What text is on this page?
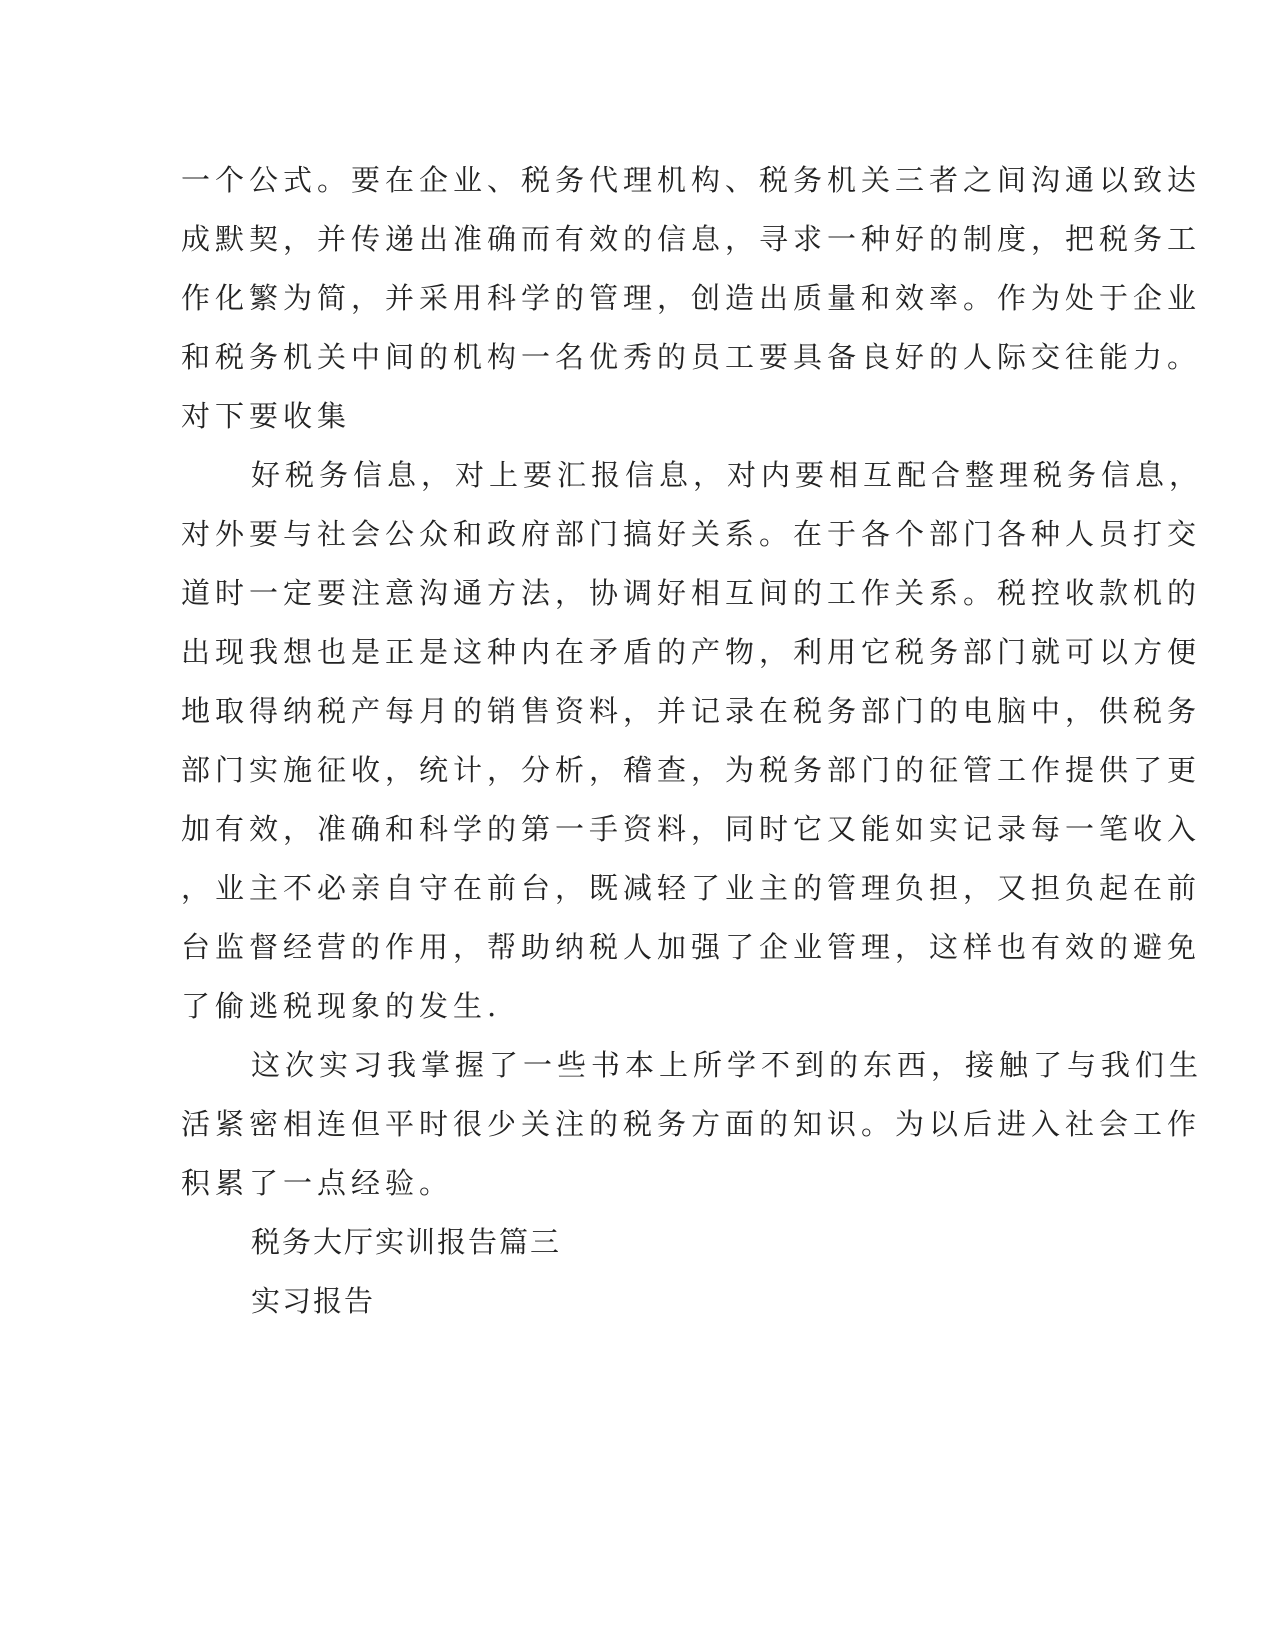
一个公式。要在企业、税务代理机构、税务机关三者之间沟通以致达
成默契，并传递出准确而有效的信息，寻求一种好的制度，把税务工
作化繁为简，并采用科学的管理，创造出质量和效率。作为处于企业
和税务机关中间的机构一名优秀的员工要具备良好的人际交往能力。
对下要收集
好税务信息，对上要汇报信息，对内要相互配合整理税务信息，
对外要与社会公众和政府部门搞好关系。在于各个部门各种人员打交
道时一定要注意沟通方法，协调好相互间的工作关系。税控收款机的
出现我想也是正是这种内在矛盾的产物，利用它税务部门就可以方便
地取得纳税产每月的销售资料，并记录在税务部门的电脑中，供税务
部门实施征收，统计，分析，稽查，为税务部门的征管工作提供了更
加有效，准确和科学的第一手资料，同时它又能如实记录每一笔收入
，业主不必亲自守在前台，既减轻了业主的管理负担，又担负起在前
台监督经营的作用，帮助纳税人加强了企业管理，这样也有效的避免
了偷逃税现象的发生.
这次实习我掌握了一些书本上所学不到的东西，接触了与我们生
活紧密相连但平时很少关注的税务方面的知识。为以后进入社会工作
积累了一点经验。
税务大厅实训报告篇三
实习报告
